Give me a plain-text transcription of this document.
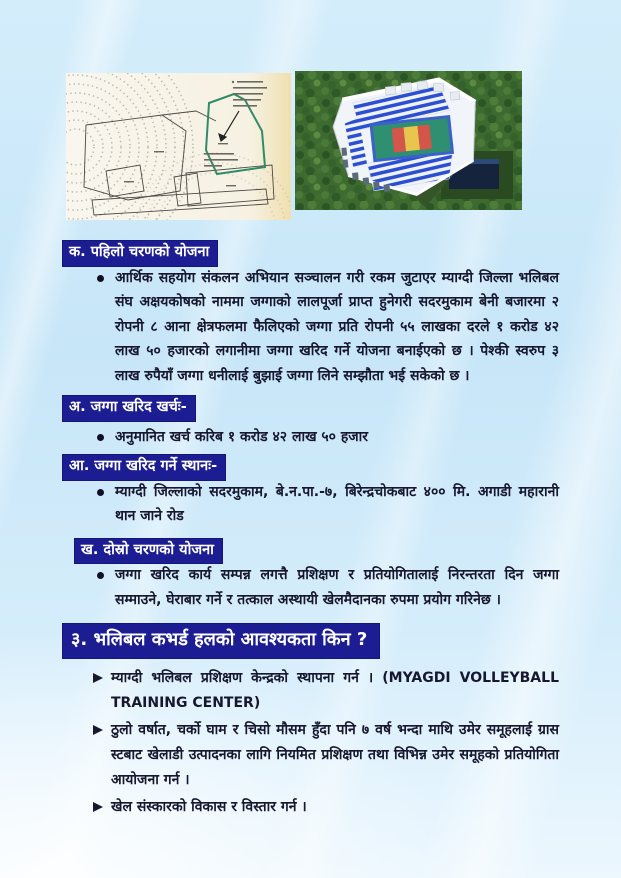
क. पहिलो चरणको योजना
आर्थिक सहयोग संकलन अभियान सञ्चालन गरी रकम जुटाएर म्याग्दी जिल्ला भलिबल संघ अक्षयकोषको नाममा जग्गाको लालपूर्जा प्राप्त हुनेगरी सदरमुकाम बेनी बजारमा २ रोपनी ८ आना क्षेत्रफलमा फैलिएको जग्गा प्रति रोपनी ५५ लाखका दरले १ करोड ४२ लाख ५० हजारको लगानीमा जग्गा खरिद गर्ने योजना बनाईएको छ । पेश्की स्वरुप ३ लाख रुपैयाँ जग्गा धनीलाई बुझाई जग्गा लिने सम्झौता भई सकेको छ ।
अ. जग्गा खरिद खर्चः-
अनुमानित खर्च करिब १ करोड ४२ लाख ५० हजार
आ. जग्गा खरिद गर्ने स्थानः-
म्याग्दी जिल्लाको सदरमुकाम, बे.न.पा.-७, बिरेन्द्रचोकबाट ४०० मि. अगाडी महारानी थान जाने रोड
ख. दोस्रो चरणको योजना
जग्गा खरिद कार्य सम्पन्न लगत्तै प्रशिक्षण र प्रतियोगितालाई निरन्तरता दिन जग्गा सम्माउने, घेराबार गर्ने र तत्काल अस्थायी खेलमैदानका रुपमा प्रयोग गरिनेछ ।
३. भलिबल कभर्ड हलको आवश्यकता किन ?
म्याग्दी भलिबल प्रशिक्षण केन्द्रको स्थापना गर्न । (MYAGDI VOLLEYBALL TRAINING CENTER)
ठुलो वर्षात, चर्को घाम र चिसो मौसम हुँदा पनि ७ वर्ष भन्दा माथि उमेर समूहलाई ग्रास स्टबाट खेलाडी उत्पादनका लागि नियमित प्रशिक्षण तथा विभिन्न उमेर समूहको प्रतियोगिता आयोजना गर्न ।
खेल संस्कारको विकास र विस्तार गर्न ।
